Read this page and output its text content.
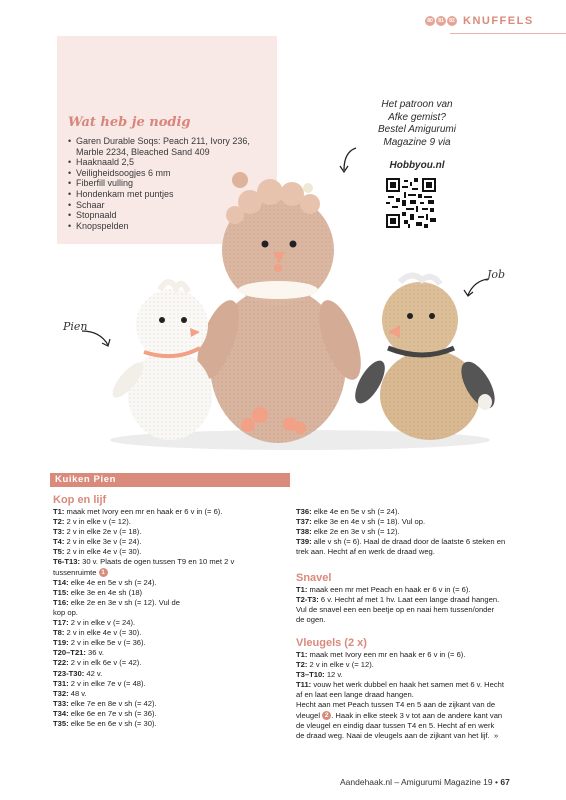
80	81	82 KNUFFELS
Wat heb je nodig
• Garen Durable Soqs: Peach 211, Ivory 236, Marble 2234, Bleached Sand 409
• Haaknaald 2,5
• Veiligheidsoogjes 6 mm
• Fiberfill vulling
• Hondenkam met puntjes
• Schaar
• Stopnaald
• Knopspelden
Het patroon van
Afke gemist?
Bestel Amigurumi
Magazine 9 via
Hobbyou.nl
Pien
Job
Kuiken Pien
Kop en lijf
T1: maak met Ivory een mr en haak er 6 v in (= 6).
T2: 2 v in elke v (= 12).
T3: 2 v in elke 2e v (= 18).
T4: 2 v in elke 3e v (= 24).
T5: 2 v in elke 4e v (= 30).
T6-T13: 30 v. Plaats de ogen tussen T9 en 10 met 2 v
tussenruimte 1
T14: elke 4e en 5e v sh (= 24).
T15: elke 3e en 4e sh (18)
T16: elke 2e en 3e v sh (= 12). Vul de
kop op.
T17: 2 v in elke v (= 24).
T8: 2 v in elke 4e v (= 30).
T19: 2 v in elke 5e v (= 36).
T20–T21: 36 v.
T22: 2 v in elk 6e v (= 42).
T23-T30: 42 v.
T31: 2 v in elke 7e v (= 48).
T32: 48 v.
T33: elke 7e en 8e v sh (= 42).
T34: elke 6e en 7e v sh (= 36).
T35: elke 5e en 6e v sh (= 30).
T36: elke 4e en 5e v sh (= 24).
T37: elke 3e en 4e v sh (= 18). Vul op.
T38: elke 2e en 3e v sh (= 12).
T39: alle v sh (= 6). Haal de draad door de laatste 6 steken en
trek aan. Hecht af en werk de draad weg.
Snavel
T1: maak een mr met Peach en haak er 6 v in (= 6).
T2-T3: 6 v. Hecht af met 1 hv. Laat een lange draad hangen.
Vul de snavel een een beetje op en naai hem tussen/onder
de ogen.
Vleugels (2 x)
T1: maak met Ivory een mr en haak er 6 v in (= 6).
T2: 2 v in elke v (= 12).
T3–T10: 12 v.
T11: vouw het werk dubbel en haak het samen met 6 v. Hecht
af en laat een lange draad hangen.
Hecht aan met Peach tussen T4 en 5 aan de zijkant van de
vleugel 2 . Haak in elke steek 3 v tot aan de andere kant van
de vleugel en eindig daar tussen T4 en 5. Hecht af en werk
de draad weg. Naai de vleugels aan de zijkant van het lijf.  »
Aandehaak.nl – Amigurumi Magazine 19 • 67
